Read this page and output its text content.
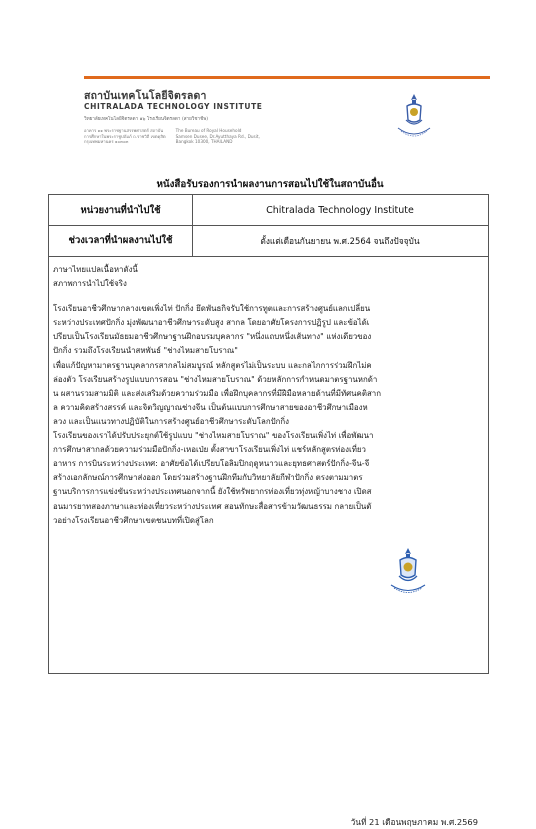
สถาบันเทคโนโลยีจิตรลดา
CHITRALADA TECHNOLOGY INSTITUTE
วิทยาลัยเทคโนโลยีจิตรลดา ๑๖ โรงเรียนจิตรลดา (สายวิชาชีพ)
อาคาร ๑๑ พระราชฐานสรรพศาสตร์ สถาบัน
การศึกษาในพระราชูปถัมภ์ ถ.ราชวิถี เขตดุสิต
กรุงเทพมหานคร ๑๐๓๐๓
The Bureau of Royal Household
Samsen Dusee, Dr.Ayutthaya Rd., Dusit,
Bangkok 10300, THAILAND
หนังสือรับรองการนำผลงานการสอนไปใช้ในสถาบันอื่น
หน่วยงานที่นำไปใช้	Chitralada Technology Institute
ช่วงเวลาที่นำผลงานไปใช้	ตั้งแต่เดือนกันยายน พ.ศ.2564 จนถึงปัจจุบัน

ภาษาไทยแปลเนื้อหาดังนี้

สภาพการนำไปใช้จริง

โรงเรียนอาชีวศึกษากลางเขตเพิ่งไท่ ปักกิ่ง ยึดพันธกิจรับใช้การทูตและการสร้างศูนย์แลกเปลี่ยน

ระหว่างประเทศปักกิ่ง มุ่งพัฒนาอาชีวศึกษาระดับสูง สากล โดยอาศัยโครงการปฏิรูป และข้อได้เ

ปรียบเป็นโรงเรียนมัธยมอาชีวศึกษาฐานฝึกอบรมบุคลากร "หนึ่งแถบหนึ่งเส้นทาง" แห่งเดียวของ

ปักกิ่ง รวมถึงโรงเรียนนำสหพันธ์ "ช่างไหมสายโบราณ"

เพื่อแก้ปัญหามาตรฐานบุคลากรสากลไม่สมบูรณ์ หลักสูตรไม่เป็นระบบ และกลไกการร่วมฝึกไม่ค

ล่องตัว โรงเรียนสร้างรูปแบบการสอน "ช่างไหมสายโบราณ" ด้วยหลักการกำหนดมาตรฐานหกด้า

น ผสานรวมสามมิติ และส่งเสริมด้วยความร่วมมือ เพื่อฝึกบุคลากรที่มีฝีมือหลายด้านที่มีทัศนคติสาก

ล ความคิดสร้างสรรค์ และจิตวิญญาณช่างจีน เป็นต้นแบบการศึกษาสายของอาชีวศึกษาเมืองห

ลวง และเป็นแนวทางปฏิบัติในการสร้างศูนย์อาชีวศึกษาระดับโลกปักกิ่ง

โรงเรียนของเราได้ปรับประยุกต์ใช้รูปแบบ "ช่างไหมสายโบราณ" ของโรงเรียนเพิ่งไท่ เพื่อพัฒนา

การศึกษาสากลด้วยความร่วมมือปักกิ่ง-เหอเป่ย ตั้งสาขาโรงเรียนเพิ่งไท่ แชร์หลักสูตรท่องเที่ยว

อาหาร การบินระหว่างประเทศ: อาศัยข้อได้เปรียบโอลิมปิกฤดูหนาวและยุทธศาสตร์ปักกิ่ง-จีน-จี

สร้างเอกลักษณ์การศึกษาส่งออก โดยร่วมสร้างฐานฝึกทีมกับวิทยาลัยกีฬาปักกิ่ง ตรงตามมาตร

ฐานบริการการแข่งขันระหว่างประเทศนอกจากนี้ ยังใช้ทรัพยากรท่องเที่ยวทุ่งหญ้าบางชาง เปิดส

อนมารยาทสองภาษาและท่องเที่ยวระหว่างประเทศ สอนทักษะสื่อสารข้ามวัฒนธรรม กลายเป็นตั

วอย่างโรงเรียนอาชีวศึกษาเขตชนบทที่เปิดสู่โลก

วันที่ 21 เดือนพฤษภาคม พ.ศ.2569
